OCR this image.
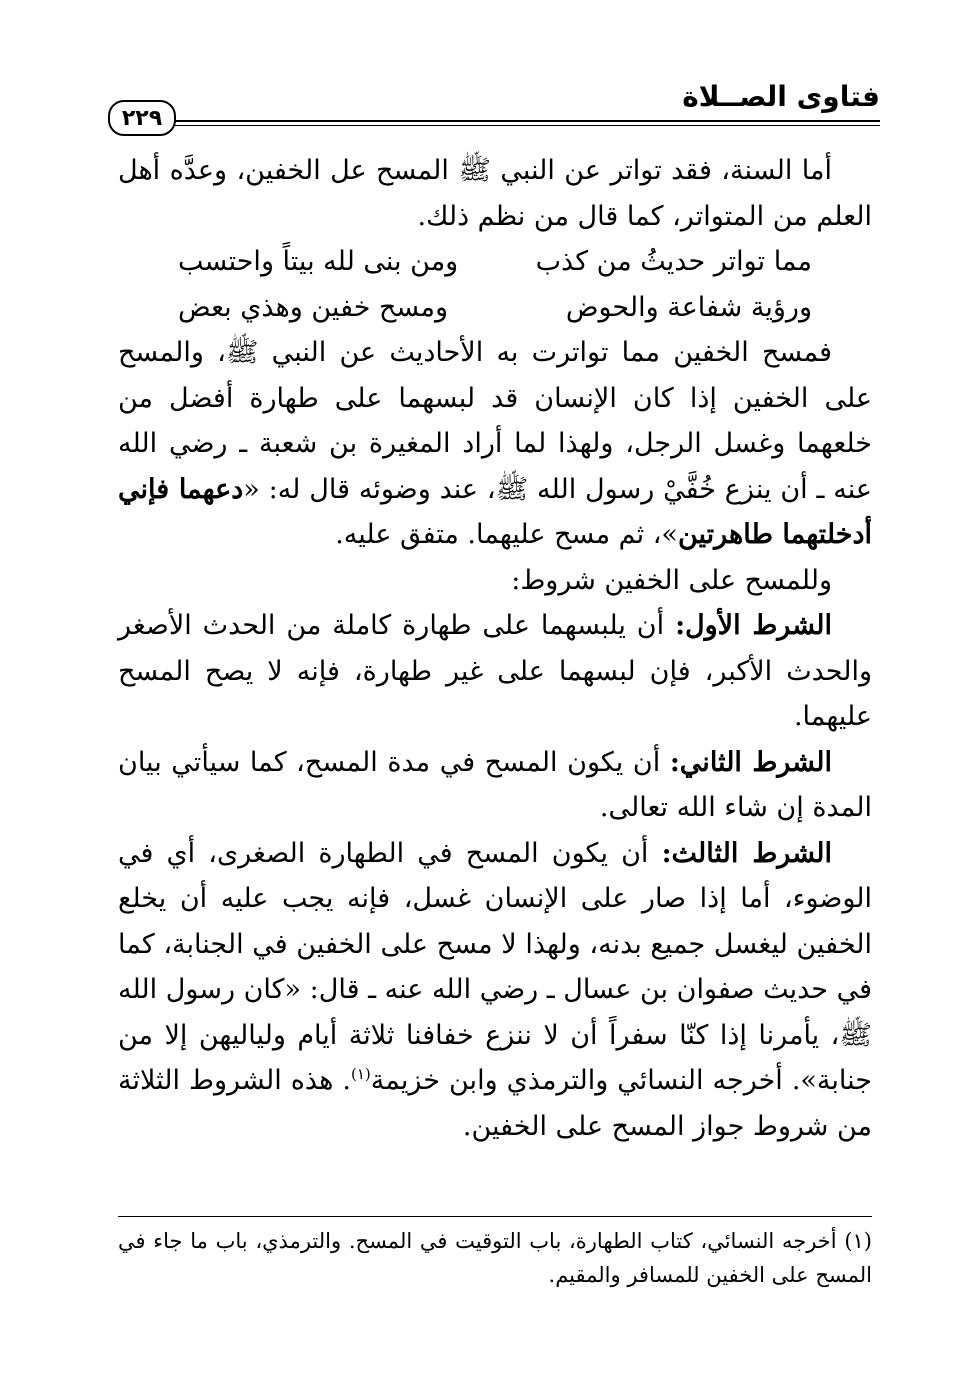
فتاوى الصــلاة
٢٢٩

أما السنة، فقد تواتر عن النبي ﷺ المسح عل الخفين، وعدَّه أهل العلم من المتواتر، كما قال من نظم ذلك.

مما تواتر حديثُ من كذب
ومن بنى لله بيتاً واحتسب
ورؤية شفاعة والحوض
ومسح خفين وهذي بعض

فمسح الخفين مما تواترت به الأحاديث عن النبي ﷺ، والمسح على الخفين إذا كان الإنسان قد لبسهما على طهارة أفضل من خلعهما وغسل الرجل، ولهذا لما أراد المغيرة بن شعبة ـ رضي الله عنه ـ أن ينزع خُفَّيْ رسول الله ﷺ، عند وضوئه قال له: «دعهما فإني أدخلتهما طاهرتين»، ثم مسح عليهما. متفق عليه.

وللمسح على الخفين شروط:

الشرط الأول: أن يلبسهما على طهارة كاملة من الحدث الأصغر والحدث الأكبر، فإن لبسهما على غير طهارة، فإنه لا يصح المسح عليهما.

الشرط الثاني: أن يكون المسح في مدة المسح، كما سيأتي بيان المدة إن شاء الله تعالى.

الشرط الثالث: أن يكون المسح في الطهارة الصغرى، أي في الوضوء، أما إذا صار على الإنسان غسل، فإنه يجب عليه أن يخلع الخفين ليغسل جميع بدنه، ولهذا لا مسح على الخفين في الجنابة، كما في حديث صفوان بن عسال ـ رضي الله عنه ـ قال: «كان رسول الله ﷺ، يأمرنا إذا كنّا سفراً أن لا ننزع خفافنا ثلاثة أيام ولياليهن إلا من جنابة». أخرجه النسائي والترمذي وابن خزيمة$^{(١)}$. هذه الشروط الثلاثة من شروط جواز المسح على الخفين.

(١) أخرجه النسائي، كتاب الطهارة، باب التوقيت في المسح. والترمذي، باب ما جاء في المسح على الخفين للمسافر والمقيم.
